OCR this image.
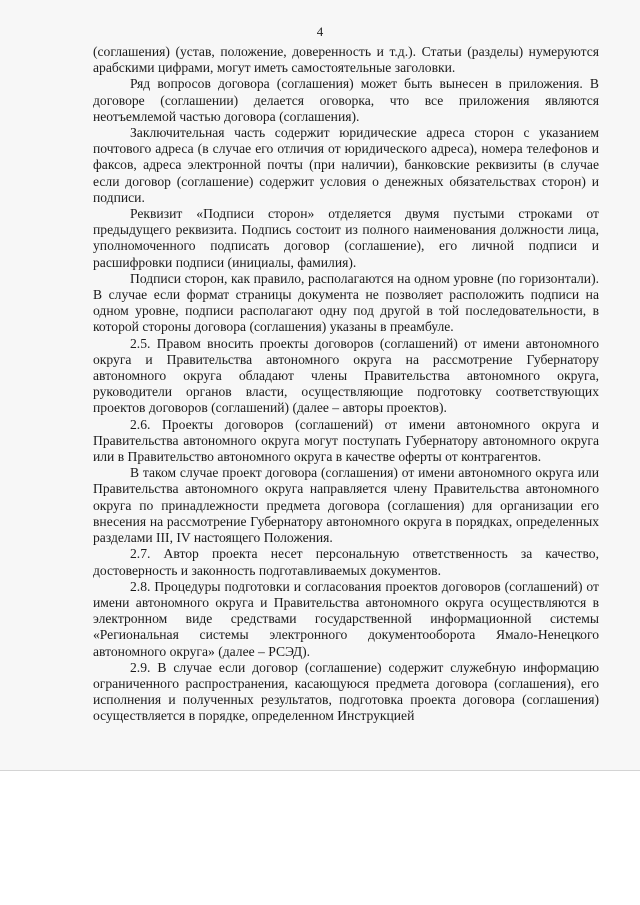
4

(соглашения) (устав, положение, доверенность и т.д.). Статьи (разделы) нумеруются арабскими цифрами, могут иметь самостоятельные заголовки.

Ряд вопросов договора (соглашения) может быть вынесен в приложения. В договоре (соглашении) делается оговорка, что все приложения являются неотъемлемой частью договора (соглашения).

Заключительная часть содержит юридические адреса сторон с указанием почтового адреса (в случае его отличия от юридического адреса), номера телефонов и факсов, адреса электронной почты (при наличии), банковские реквизиты (в случае если договор (соглашение) содержит условия о денежных обязательствах сторон) и подписи.

Реквизит «Подписи сторон» отделяется двумя пустыми строками от предыдущего реквизита. Подпись состоит из полного наименования должности лица, уполномоченного подписать договор (соглашение), его личной подписи и расшифровки подписи (инициалы, фамилия).

Подписи сторон, как правило, располагаются на одном уровне (по горизонтали). В случае если формат страницы документа не позволяет расположить подписи на одном уровне, подписи располагают одну под другой в той последовательности, в которой стороны договора (соглашения) указаны в преамбуле.

2.5. Правом вносить проекты договоров (соглашений) от имени автономного округа и Правительства автономного округа на рассмотрение Губернатору автономного округа обладают члены Правительства автономного округа, руководители органов власти, осуществляющие подготовку соответствующих проектов договоров (соглашений) (далее – авторы проектов).

2.6. Проекты договоров (соглашений) от имени автономного округа и Правительства автономного округа могут поступать Губернатору автономного округа или в Правительство автономного округа в качестве оферты от контрагентов.

В таком случае проект договора (соглашения) от имени автономного округа или Правительства автономного округа направляется члену Правительства автономного округа по принадлежности предмета договора (соглашения) для организации его внесения на рассмотрение Губернатору автономного округа в порядках, определенных разделами III, IV настоящего Положения.

2.7. Автор проекта несет персональную ответственность за качество, достоверность и законность подготавливаемых документов.

2.8. Процедуры подготовки и согласования проектов договоров (соглашений) от имени автономного округа и Правительства автономного округа осуществляются в электронном виде средствами государственной информационной системы «Региональная системы электронного документооборота Ямало-Ненецкого автономного округа» (далее – РСЭД).

2.9. В случае если договор (соглашение) содержит служебную информацию ограниченного распространения, касающуюся предмета договора (соглашения), его исполнения и полученных результатов, подготовка проекта договора (соглашения) осуществляется в порядке, определенном Инструкцией
